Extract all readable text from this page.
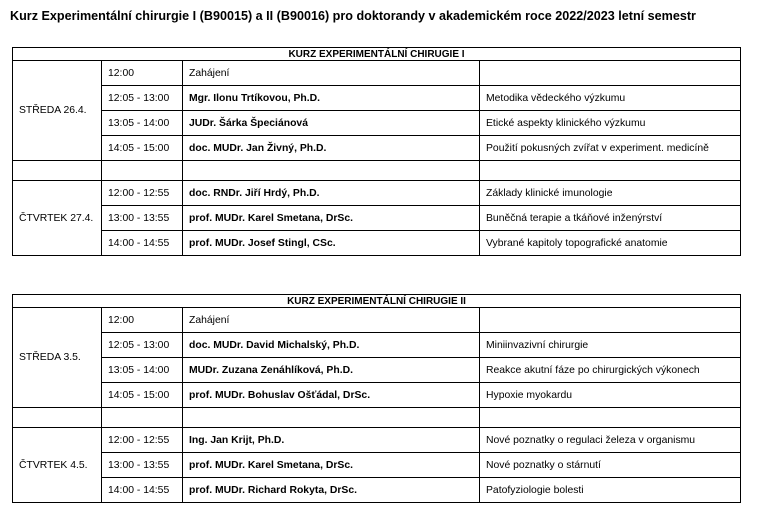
Kurz Experimentální chirurgie I (B90015) a II (B90016) pro doktorandy v akademickém roce 2022/2023 letní semestr
KURZ EXPERIMENTÁLNÍ CHIRUGIE I			
STŘEDA 26.4.	12:00	Zahájení	
	12:05 - 13:00	Mgr. Ilonu Trtíkovou, Ph.D.	Metodika vědeckého výzkumu
	13:05 - 14:00	JUDr. Šárka Špeciánová	Etické aspekty klinického výzkumu
	14:05 - 15:00	doc. MUDr. Jan Živný, Ph.D.	Použití pokusných zvířat v experiment. medicíně

ČTVRTEK 27.4.	12:00 - 12:55	doc. RNDr. Jiří Hrdý, Ph.D.	Základy klinické imunologie
	13:00 - 13:55	prof. MUDr. Karel Smetana, DrSc.	Buněčná terapie a tkáňové inženýrství
	14:00 - 14:55	prof. MUDr. Josef Stingl, CSc.	Vybrané kapitoly topografické anatomie
KURZ EXPERIMENTÁLNÍ CHIRUGIE II			
STŘEDA 3.5.	12:00	Zahájení	
	12:05 - 13:00	doc. MUDr. David Michalský, Ph.D.	Miniinvazivní chirurgie
	13:05 - 14:00	MUDr. Zuzana Zenáhlíková, Ph.D.	Reakce akutní fáze po chirurgických výkonech
	14:05 - 15:00	prof. MUDr. Bohuslav Ošťádal, DrSc.	Hypoxie myokardu

ČTVRTEK 4.5.	12:00 - 12:55	Ing. Jan Krijt, Ph.D.	Nové poznatky o regulaci železa v organismu
	13:00 - 13:55	prof. MUDr. Karel Smetana, DrSc.	Nové poznatky o stárnutí
	14:00 - 14:55	prof. MUDr. Richard Rokyta, DrSc.	Patofyziologie bolesti
